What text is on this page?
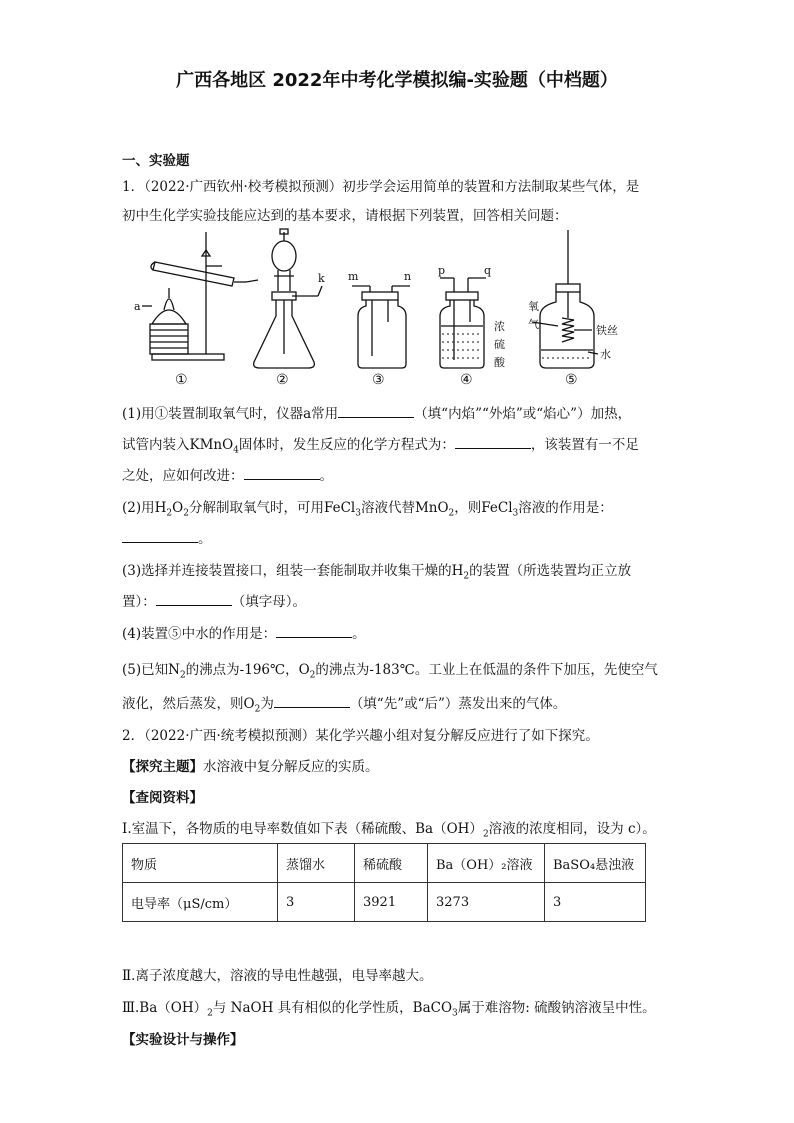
广西各地区 2022年中考化学模拟编-实验题（中档题）
一、实验题
1．（2022·广西钦州·校考模拟预测）初步学会运用简单的装置和方法制取某些气体，是
初中生化学实验技能应达到的基本要求，请根据下列装置，回答相关问题：
a
k m	n p	q
浓
硫
酸
氧
气	铁丝
水
①	②	③	④	⑤
(1)用①装置制取氧气时，仪器a常用	（填“内焰”“外焰”或“焰心”）加热，
试管内装入KMnO$_4$固体时，发生反应的化学方程式为：	，该装置有一不足
之处，应如何改进：	。
(2)用$H_2O_2$分解制取氧气时，可用FeCl$_3$溶液代替MnO$_2$，则FeCl$_3$溶液的作用是：
。
(3)选择并连接装置接口，组装一套能制取并收集干燥的$H_2$的装置（所选装置均正立放
置）：	（填字母）。
(4)装置⑤中水的作用是：	。
(5)已知$N_2$的沸点为-196℃，$O_2$的沸点为-183℃。工业上在低温的条件下加压，先使空气
液化，然后蒸发，则$O_2$为	（填“先”或“后”）蒸发出来的气体。
2．（2022·广西·统考模拟预测）某化学兴趣小组对复分解反应进行了如下探究。
【探究主题】水溶液中复分解反应的实质。
【查阅资料】
I.室温下，各物质的电导率数值如下表（稀硫酸、$Ba(OH)_2$溶液的浓度相同，设为 c）。
物质	蒸馏水	稀硫酸	Ba（OH）₂溶液	BaSO₄悬浊液
电导率（μS/cm）	3	3921	3273	3
Ⅱ.离子浓度越大，溶液的导电性越强，电导率越大。
$Ⅲ.Ba(OH)_2$与 NaOH 具有相似的化学性质，BaCO$_3$属于难溶物: 硫酸钠溶液呈中性。
【实验设计与操作】
